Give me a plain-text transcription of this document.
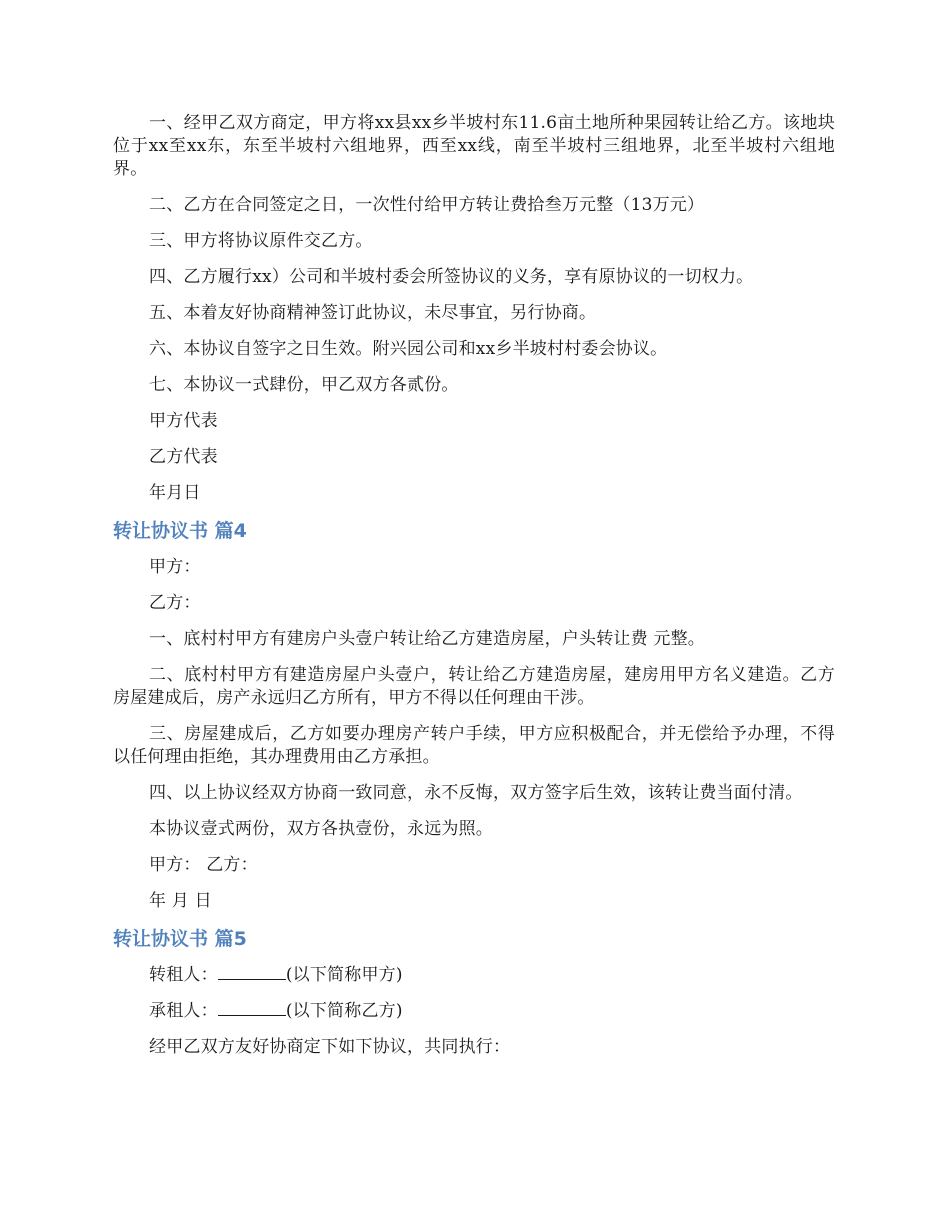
一、经甲乙双方商定，甲方将xx县xx乡半坡村东11.6亩土地所种果园转让给乙方。该地块位于xx至xx东，东至半坡村六组地界，西至xx线，南至半坡村三组地界，北至半坡村六组地界。

二、乙方在合同签定之日，一次性付给甲方转让费拾叁万元整（13万元）

三、甲方将协议原件交乙方。

四、乙方履行xx）公司和半坡村委会所签协议的义务，享有原协议的一切权力。

五、本着友好协商精神签订此协议，未尽事宜，另行协商。

六、本协议自签字之日生效。附兴园公司和xx乡半坡村村委会协议。

七、本协议一式肆份，甲乙双方各贰份。

甲方代表

乙方代表

年月日

转让协议书 篇4

甲方：

乙方：

一、底村村甲方有建房户头壹户转让给乙方建造房屋，户头转让费 元整。

二、底村村甲方有建造房屋户头壹户，转让给乙方建造房屋，建房用甲方名义建造。乙方房屋建成后，房产永远归乙方所有，甲方不得以任何理由干涉。

三、房屋建成后，乙方如要办理房产转户手续，甲方应积极配合，并无偿给予办理，不得以任何理由拒绝，其办理费用由乙方承担。

四、以上协议经双方协商一致同意，永不反悔，双方签字后生效，该转让费当面付清。

本协议壹式两份，双方各执壹份，永远为照。

甲方： 乙方：

年 月 日

转让协议书 篇5

转租人：	(以下简称甲方)

承租人：	(以下简称乙方)

经甲乙双方友好协商定下如下协议，共同执行：
